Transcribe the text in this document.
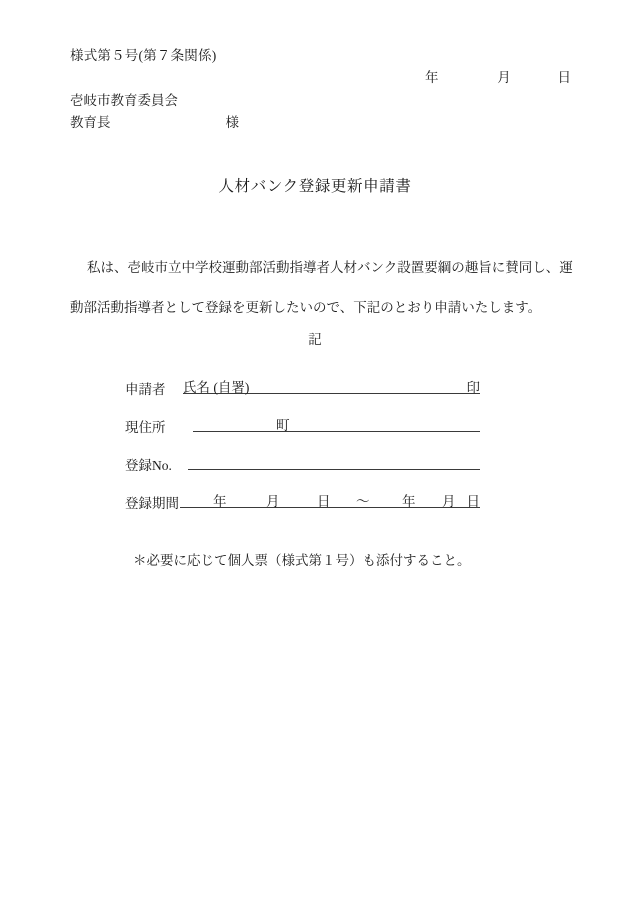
様式第５号(第７条関係)
年	月	日
壱岐市教育委員会
教育長	様
人材バンク登録更新申請書
私は、壱岐市立中学校運動部活動指導者人材バンク設置要綱の趣旨に賛同し、運
動部活動指導者として登録を更新したいので、下記のとおり申請いたします。
記
申請者 氏名 (自署)	印
現住所	町
登録No.
登録期間	年	月	日 〜 年 月 日
＊必要に応じて個人票（様式第１号）も添付すること。
